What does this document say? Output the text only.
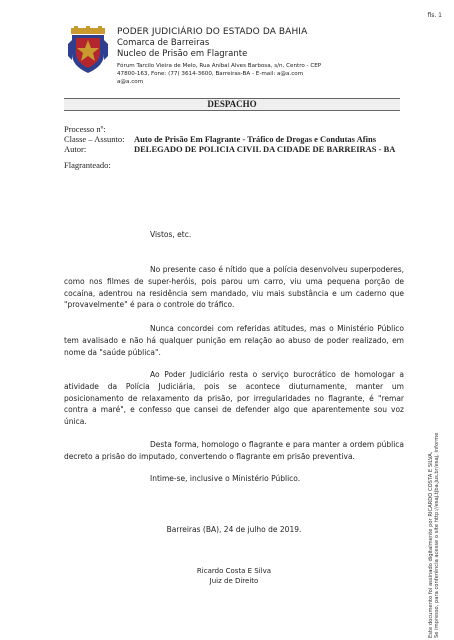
fls. 1
PODER JUDICIÁRIO DO ESTADO DA BAHIA
Comarca de Barreiras
Nucleo de Prisão em Flagrante
Fórum Tarcilo Vieira de Melo, Rua Aníbal Alves Barbosa, s/n, Centro - CEP 47800-163, Fone: (77) 3614-3600, Barreiras-BA - E-mail: a@a.com
a@a.com
DESPACHO
Processo nº:
Classe – Assunto:	Auto de Prisão Em Flagrante - Tráfico de Drogas e Condutas Afins
Autor:	DELEGADO DE POLICIA CIVIL DA CIDADE DE BARREIRAS - BA
Flagranteado:
Vistos, etc.
No presente caso é nítido que a polícia desenvolveu superpoderes, como nos filmes de super-heróis, pois parou um carro, viu uma pequena porção de cocaína, adentrou na residência sem mandado, viu mais substância e um caderno que "provavelmente" é para o controle do tráfico.
Nunca concordei com referidas atitudes, mas o Ministério Público tem avalisado e não há qualquer punição em relação ao abuso de poder realizado, em nome da "saúde pública".
Ao Poder Judiciário resta o serviço burocrático de homologar a atividade da Polícia Judiciária, pois se acontece diuturnamente, manter um posicionamento de relaxamento da prisão, por irregularidades no flagrante, é "remar contra a maré", e confesso que cansei de defender algo que aparentemente sou voz única.
Desta forma, homologo o flagrante e para manter a ordem pública decreto a prisão do imputado, convertendo o flagrante em prisão preventiva.
Intime-se, inclusive o Ministério Público.
Barreiras (BA), 24 de julho de 2019.
Ricardo Costa E Silva
Juiz de Direito	Este documento foi assinado digitalmente por RICARDO COSTA E SILVA. Se impresso, para conferência acesse o site http://esaj.tjba.jus.br/esaj, informe
